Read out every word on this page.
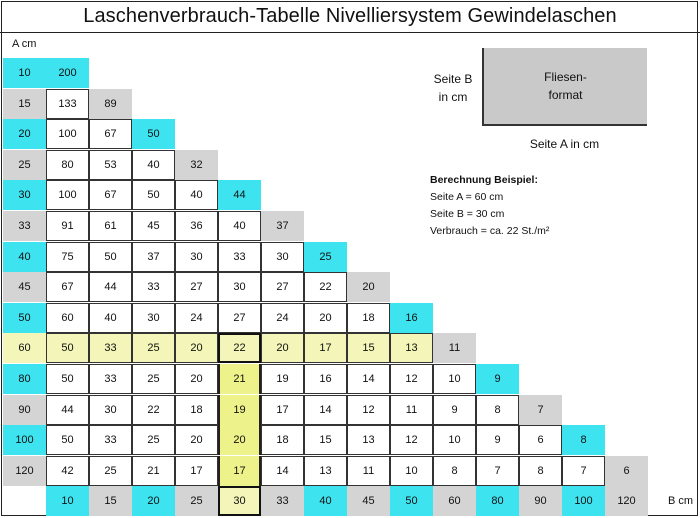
Laschenverbrauch-Tabelle Nivelliersystem Gewindelaschen
A cm
B cm
10	200
15	133	89
20	100	67	50
25	80	53	40	32
30	100	67	50	40	44
33	91	61	45	36	40	37
40	75	50	37	30	33	30	25
45	67	44	33	27	30	27	22	20
50	60	40	30	24	27	24	20	18	16
60	50	33	25	20	22	20	17	15	13	11
80	50	33	25	20	21	19	16	14	12	10	9
90	44	30	22	18	19	17	14	12	11	9	8	7
100	50	33	25	20	20	18	15	13	12	10	9	6	8
120	42	25	21	17	17	14	13	11	10	8	7	8	7	6
10	15	20	25	30	33	40	45	50	60	80	90	100	120
Seite B in cm
Fliesen-format
Seite A in cm
Berechnung Beispiel:
Seite A = 60 cm
Seite B = 30 cm
Verbrauch = ca. 22 St./m²
